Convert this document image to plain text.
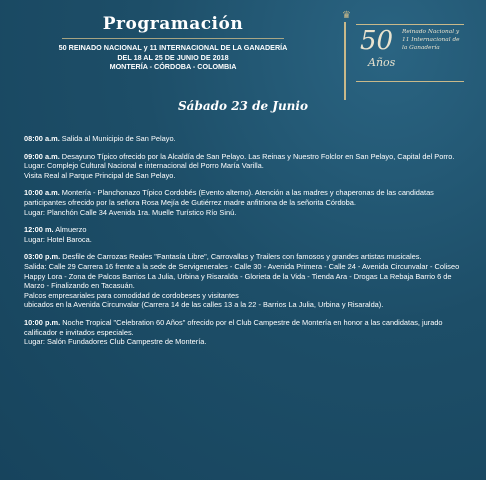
Programación
50 REINADO NACIONAL y 11 INTERNACIONAL DE LA GANADERÍA
DEL 18 AL 25 DE JUNIO DE 2018
MONTERÍA - CÓRDOBA - COLOMBIA
♛
50
Años
Reinado Nacional y
11 Internacional de
la Ganadería
Sábado 23 de Junio

08:00 a.m. Salida al Municipio de San Pelayo.

09:00 a.m. Desayuno Típico ofrecido por la Alcaldía de San Pelayo. Las Reinas y Nuestro Folclor en San Pelayo, Capital del Porro.

Lugar: Complejo Cultural Nacional e internacional del Porro María Varilla.

Visita Real al Parque Principal de San Pelayo.

10:00 a.m. Montería - Planchonazo Típico Cordobés (Evento alterno). Atención a las madres y chaperonas de las candidatas participantes ofrecido por la señora Rosa Mejía de Gutiérrez madre anfitriona de la señorita Córdoba.

Lugar: Planchón Calle 34 Avenida 1ra. Muelle Turístico Río Sinú.

12:00 m. Almuerzo

Lugar: Hotel Baroca.

03:00 p.m. Desfile de Carrozas Reales "Fantasía Libre", Carrovallas y Trailers con famosos y grandes artistas musicales.

Salida: Calle 29 Carrera 16 frente a la sede de Servigenerales - Calle 30 - Avenida Primera - Calle 24 - Avenida Circunvalar - Coliseo Happy Lora - Zona de Palcos Barrios La Julia, Urbina y Risaralda - Glorieta de la Vida - Tienda Ara - Drogas La Rebaja Barrio 6 de Marzo - Finalizando en Tacasuán.

Palcos empresariales para comodidad de cordobeses y visitantes

ubicados en la Avenida Circunvalar (Carrera 14 de las calles 13 a la 22 - Barrios La Julia, Urbina y Risaralda).

10:00 p.m. Noche Tropical "Celebration 60 Años" ofrecido por el Club Campestre de Montería en honor a las candidatas, jurado calificador e invitados especiales.

Lugar: Salón Fundadores Club Campestre de Montería.
